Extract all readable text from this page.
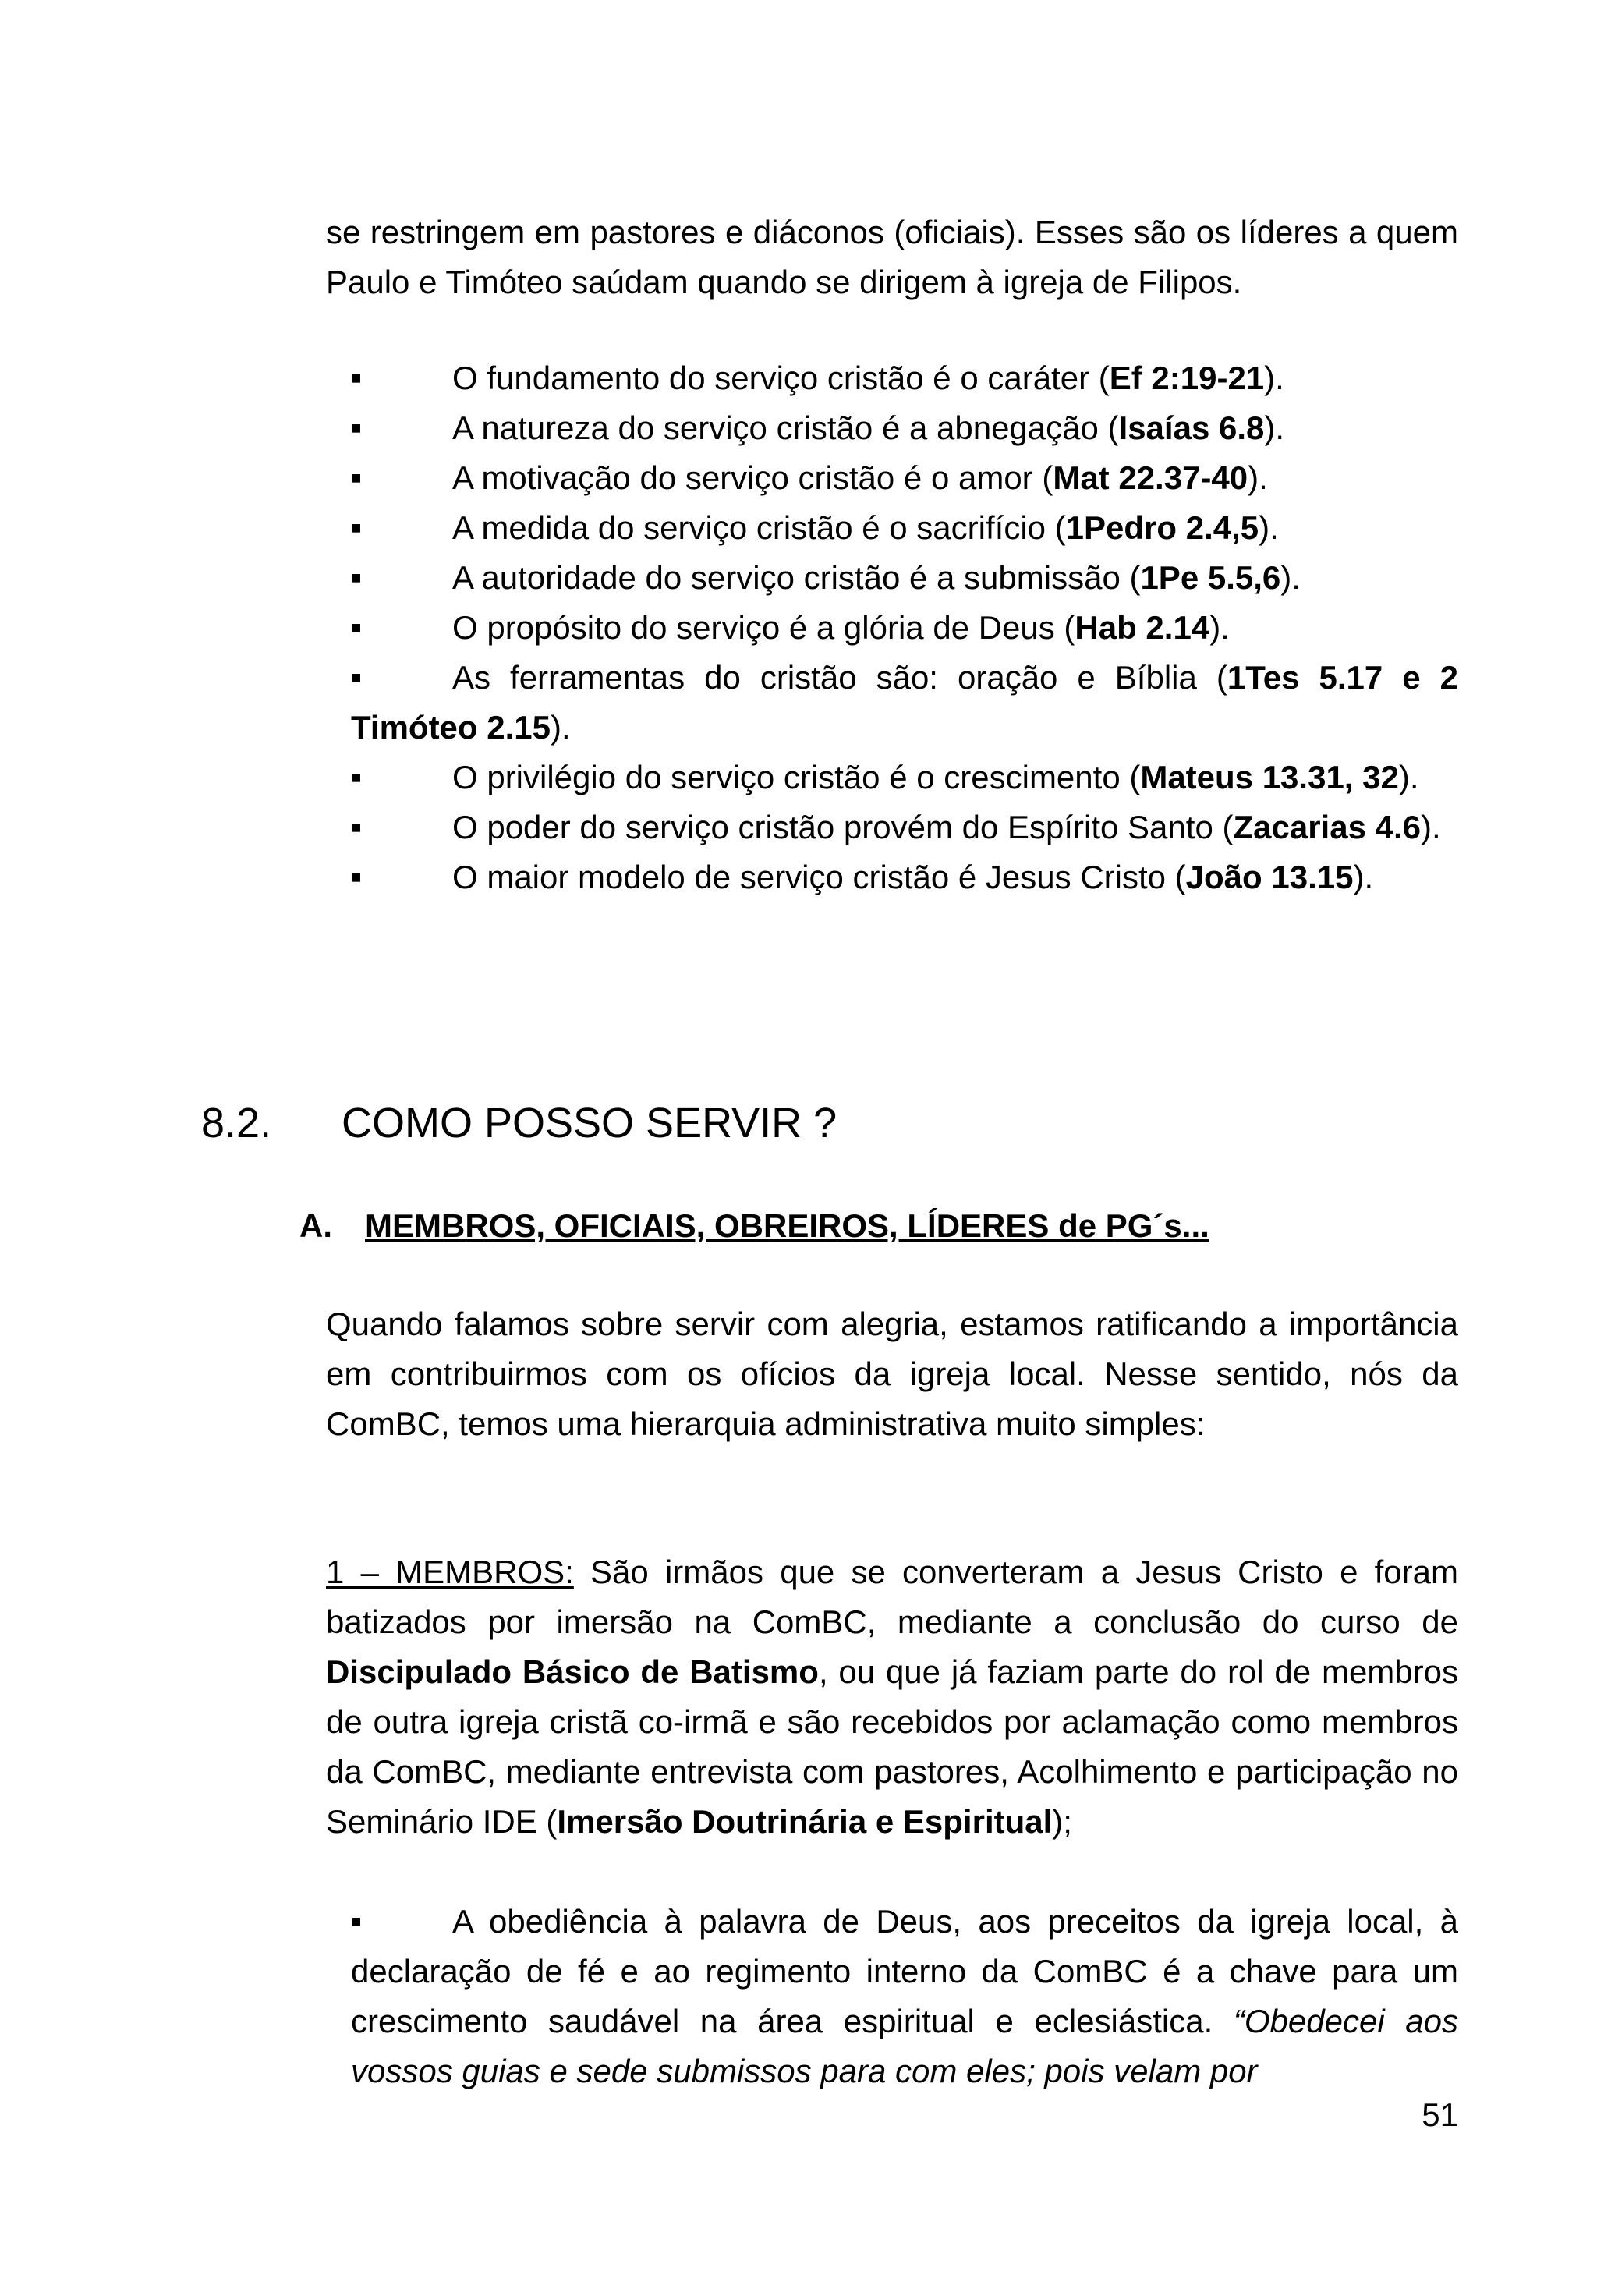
se restringem em pastores e diáconos (oficiais). Esses são os líderes a quem Paulo e Timóteo saúdam quando se dirigem à igreja de Filipos.

■	O fundamento do serviço cristão é o caráter (Ef 2:19-21).
■	A natureza do serviço cristão é a abnegação (Isaías 6.8).
■	A motivação do serviço cristão é o amor (Mat 22.37-40).
■	A medida do serviço cristão é o sacrifício (1Pedro 2.4,5).
■	A autoridade do serviço cristão é a submissão (1Pe 5.5,6).
■	O propósito do serviço é a glória de Deus (Hab 2.14).
■	As ferramentas do cristão são: oração e Bíblia (1Tes 5.17 e 2 Timóteo 2.15).
■	O privilégio do serviço cristão é o crescimento (Mateus 13.31, 32).
■	O poder do serviço cristão provém do Espírito Santo (Zacarias 4.6).
■	O maior modelo de serviço cristão é Jesus Cristo (João 13.15).
8.2. COMO POSSO SERVIR ?
A. MEMBROS, OFICIAIS, OBREIROS, LÍDERES de PG´s...

Quando falamos sobre servir com alegria, estamos ratificando a importância em contribuirmos com os ofícios da igreja local. Nesse sentido, nós da ComBC, temos uma hierarquia administrativa muito simples:

1 – MEMBROS: São irmãos que se converteram a Jesus Cristo e foram batizados por imersão na ComBC, mediante a conclusão do curso de Discipulado Básico de Batismo, ou que já faziam parte do rol de membros de outra igreja cristã co-irmã e são recebidos por aclamação como membros da ComBC, mediante entrevista com pastores, Acolhimento e participação no Seminário IDE (Imersão Doutrinária e Espiritual);

■	A obediência à palavra de Deus, aos preceitos da igreja local, à declaração de fé e ao regimento interno da ComBC é a chave para um crescimento saudável na área espiritual e eclesiástica. “Obedecei aos vossos guias e sede submissos para com eles; pois velam por
51
